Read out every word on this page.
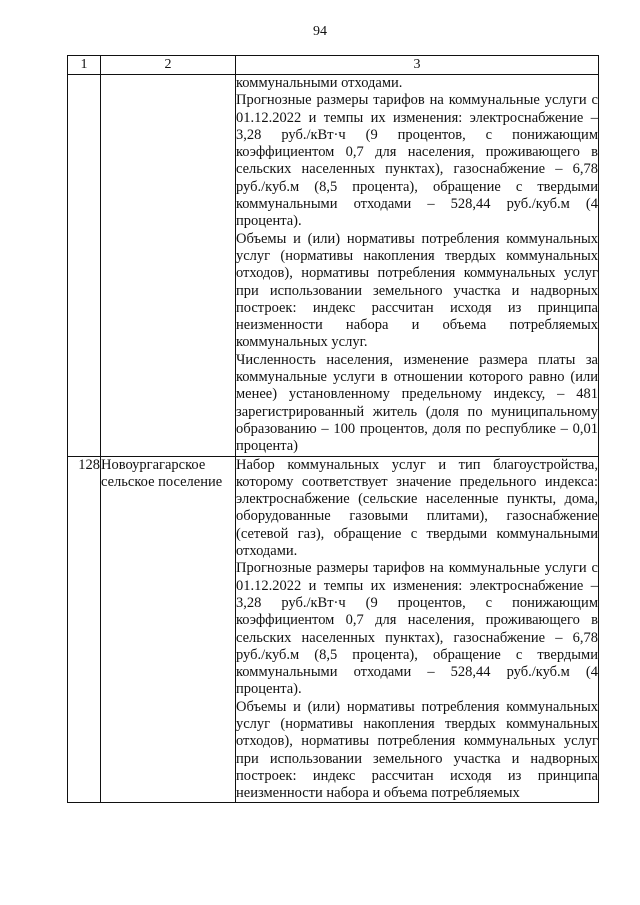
94
1	2	3

		коммунальными отходами.
Прогнозные размеры тарифов на коммунальные услуги с 01.12.2022 и темпы их изменения: электроснабжение – 3,28 руб./кВт·ч (9 процентов, с понижающим коэффициентом 0,7 для населения, проживающего в сельских населенных пунктах), газоснабжение – 6,78 руб./куб.м (8,5 процента), обращение с твердыми коммунальными отходами – 528,44 руб./куб.м (4 процента).
Объемы и (или) нормативы потребления коммунальных услуг (нормативы накопления твердых коммунальных отходов), нормативы потребления коммунальных услуг при использовании земельного участка и надворных построек: индекс рассчитан исходя из принципа неизменности набора и объема потребляемых коммунальных услуг.
Численность населения, изменение размера платы за коммунальные услуги в отношении которого равно (или менее) установленному предельному индексу, – 481 зарегистрированный житель (доля по муниципальному образованию – 100 процентов, доля по республике – 0,01 процента)

128	Новоургагарское сельское поселение	Набор коммунальных услуг и тип благоустройства, которому соответствует значение предельного индекса: электроснабжение (сельские населенные пункты, дома, оборудованные газовыми плитами), газоснабжение (сетевой газ), обращение с твердыми коммунальными отходами.
Прогнозные размеры тарифов на коммунальные услуги с 01.12.2022 и темпы их изменения: электроснабжение – 3,28 руб./кВт·ч (9 процентов, с понижающим коэффициентом 0,7 для населения, проживающего в сельских населенных пунктах), газоснабжение – 6,78 руб./куб.м (8,5 процента), обращение с твердыми коммунальными отходами – 528,44 руб./куб.м (4 процента).
Объемы и (или) нормативы потребления коммунальных услуг (нормативы накопления твердых коммунальных отходов), нормативы потребления коммунальных услуг при использовании земельного участка и надворных построек: индекс рассчитан исходя из принципа неизменности набора и объема потребляемых
